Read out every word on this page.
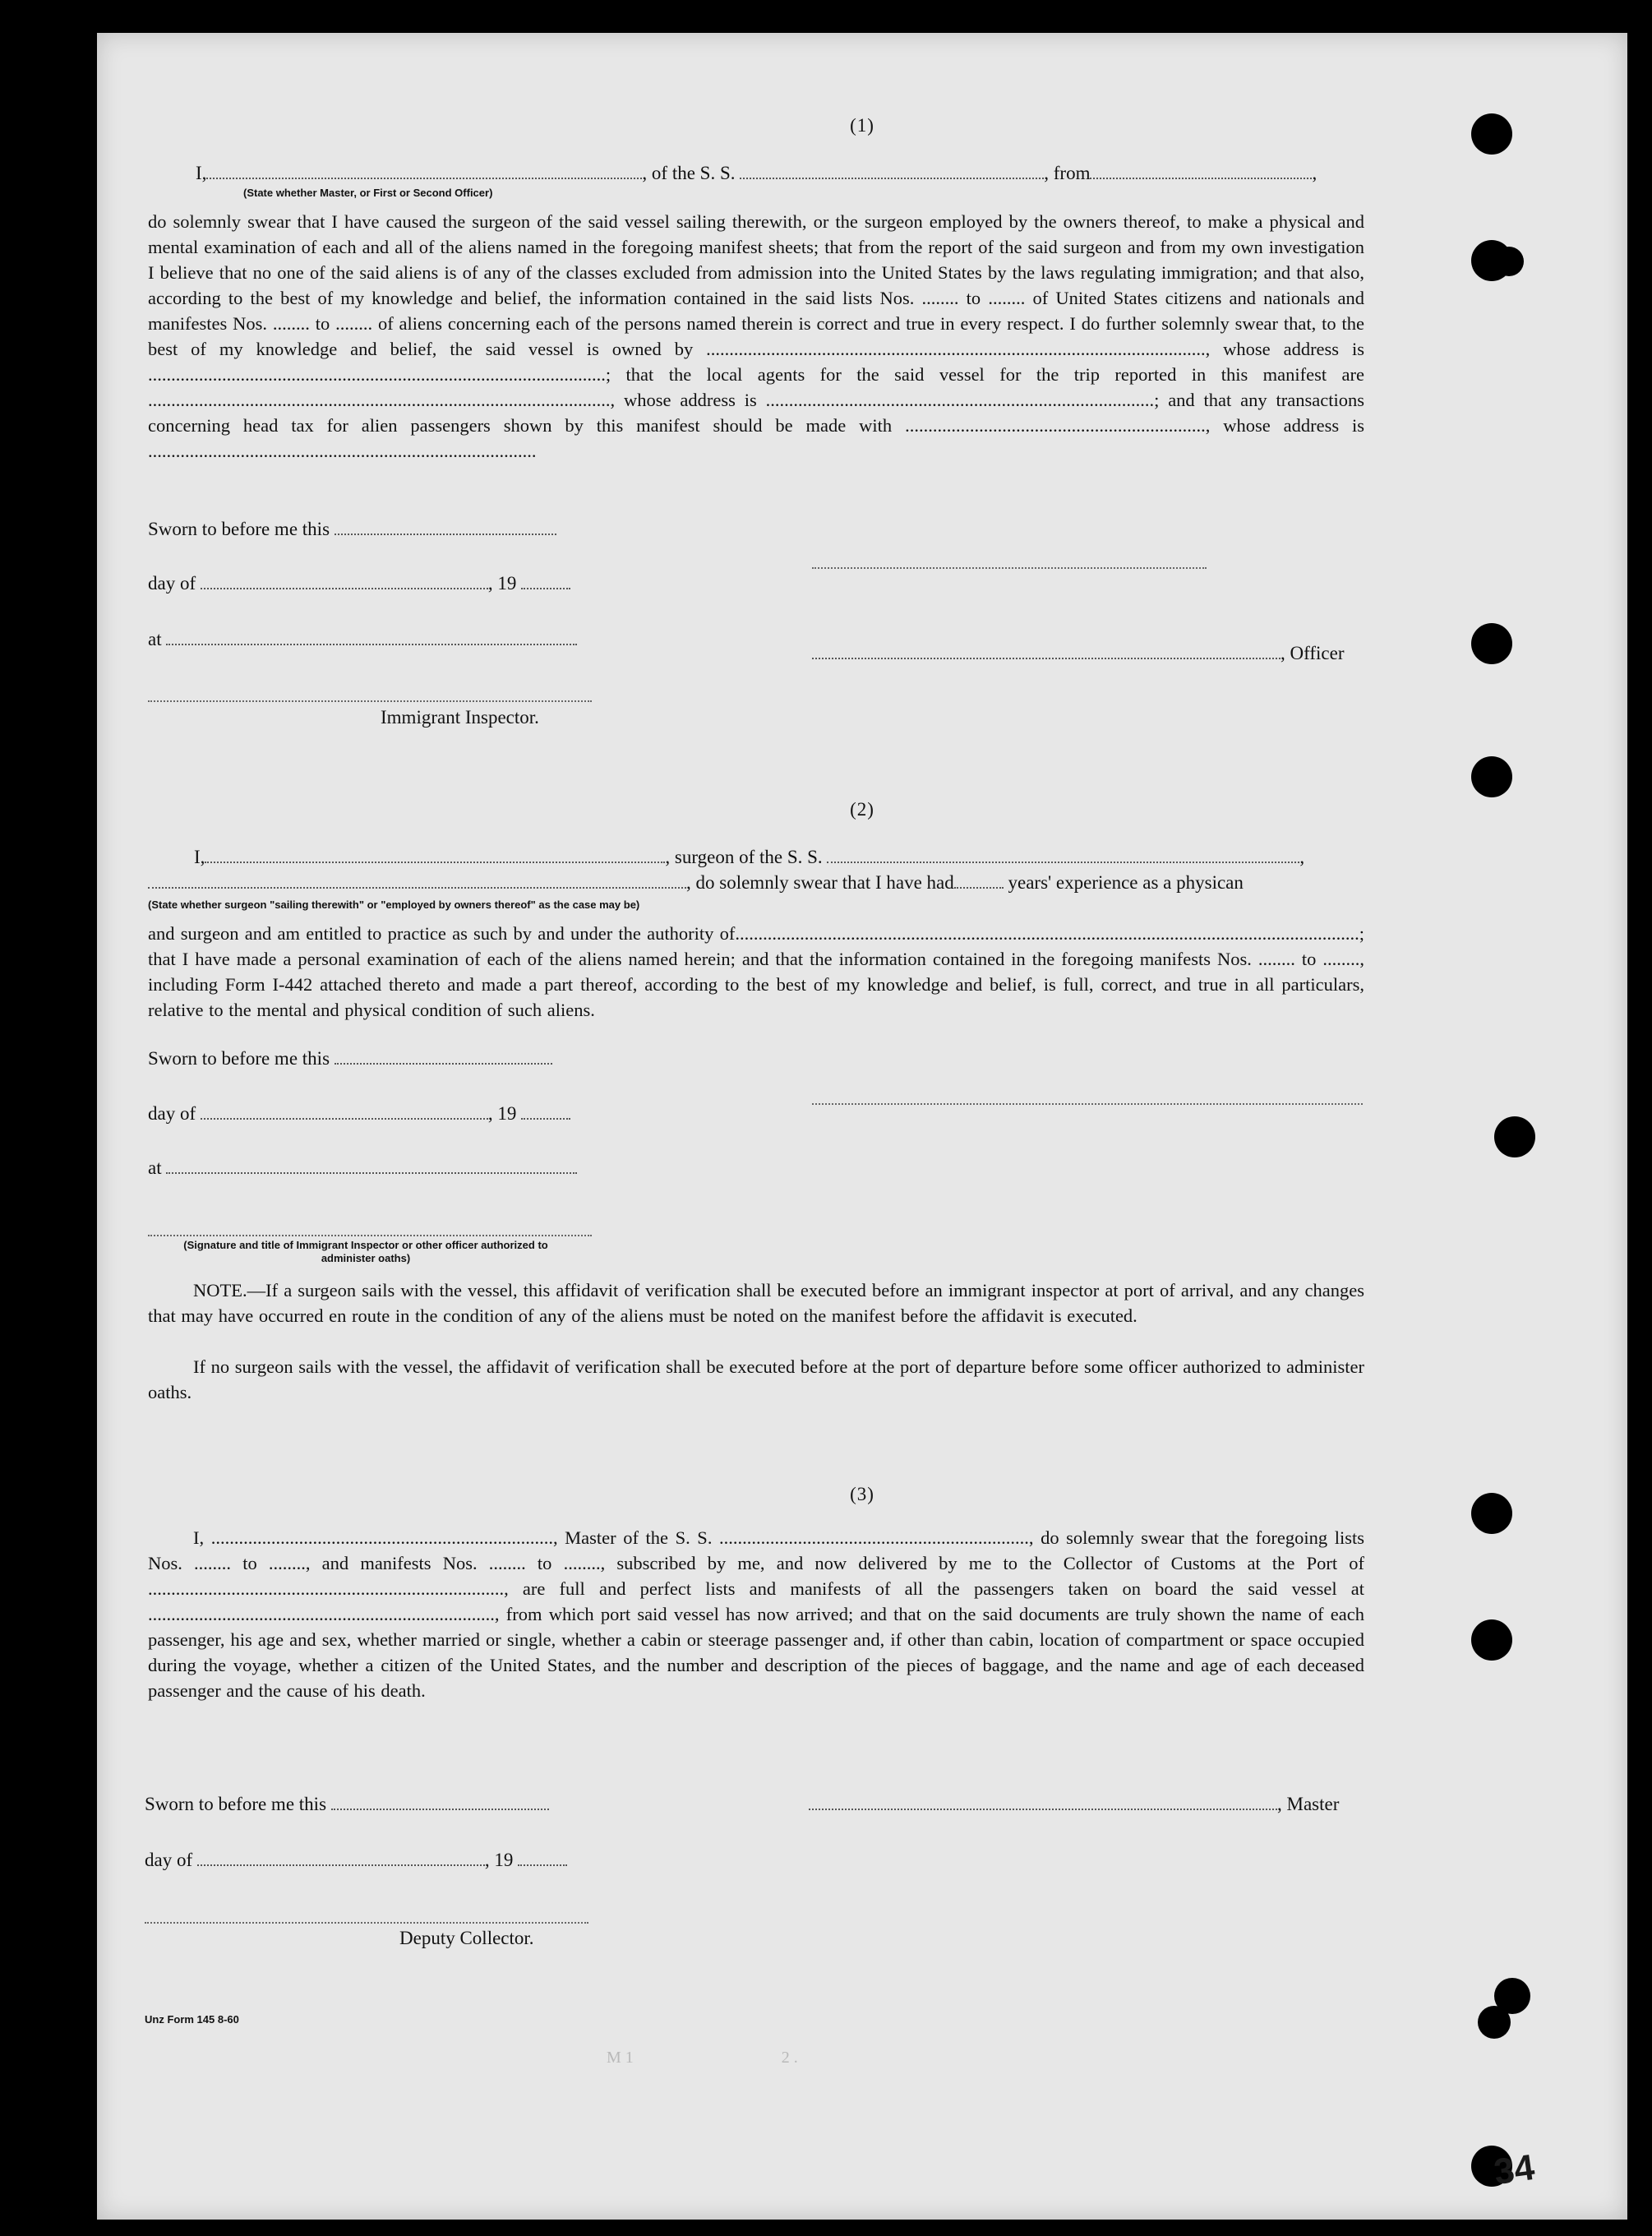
(1)
I,	, of the S. S.	, from	,
(State whether Master, or First or Second Officer)
do solemnly swear that I have caused the surgeon of the said vessel sailing therewith, or the surgeon employed by the owners thereof, to make a physical and mental examination of each and all of the aliens named in the foregoing manifest sheets; that from the report of the said surgeon and from my own investigation I believe that no one of the said aliens is of any of the classes excluded from admission into the United States by the laws regulating immigration; and that also, according to the best of my knowledge and belief, the information contained in the said lists Nos. ........ to ........ of United States citizens and nationals and manifestes Nos. ........ to ........ of aliens concerning each of the persons named therein is correct and true in every respect. I do further solemnly swear that, to the best of my knowledge and belief, the said vessel is owned by ............................................................................................................, whose address is ...................................................................................................; that the local agents for the said vessel for the trip reported in this manifest are ...................................................................................................., whose address is ....................................................................................; and that any transactions concerning head tax for alien passengers shown by this manifest should be made with ................................................................., whose address is ....................................................................................
Sworn to before me this
day of	, 19
at
, Officer
Immigrant Inspector.
(2)
I,	, surgeon of the S. S.	,
, do solemnly swear that I have had	years' experience as a physican
(State whether surgeon "sailing therewith" or "employed by owners thereof" as the case may be)
and surgeon and am entitled to practice as such by and under the authority of.......................................................................................................................................; that I have made a personal examination of each of the aliens named herein; and that the information contained in the foregoing manifests Nos. ........ to ........, including Form I-442 attached thereto and made a part thereof, according to the best of my knowledge and belief, is full, correct, and true in all particulars, relative to the mental and physical condition of such aliens.
Sworn to before me this
day of	, 19
at
(Signature and title of Immigrant Inspector or other officer authorized to administer oaths)
NOTE.—If a surgeon sails with the vessel, this affidavit of verification shall be executed before an immigrant inspector at port of arrival, and any changes that may have occurred en route in the condition of any of the aliens must be noted on the manifest before the affidavit is executed.
If no surgeon sails with the vessel, the affidavit of verification shall be executed before at the port of departure before some officer authorized to administer oaths.
(3)
I, .........................................................................., Master of the S. S. ..................................................................., do solemnly swear that the foregoing lists Nos. ........ to ........, and manifests Nos. ........ to ........, subscribed by me, and now delivered by me to the Collector of Customs at the Port of ............................................................................., are full and perfect lists and manifests of all the passengers taken on board the said vessel at ..........................................................................., from which port said vessel has now arrived; and that on the said documents are truly shown the name of each passenger, his age and sex, whether married or single, whether a cabin or steerage passenger and, if other than cabin, location of compartment or space occupied during the voyage, whether a citizen of the United States, and the number and description of the pieces of baggage, and the name and age of each deceased passenger and the cause of his death.
Sworn to before me this	, Master
day of	, 19
Deputy Collector.
Unz Form 145 8-60
M 1                                    2 .
34
